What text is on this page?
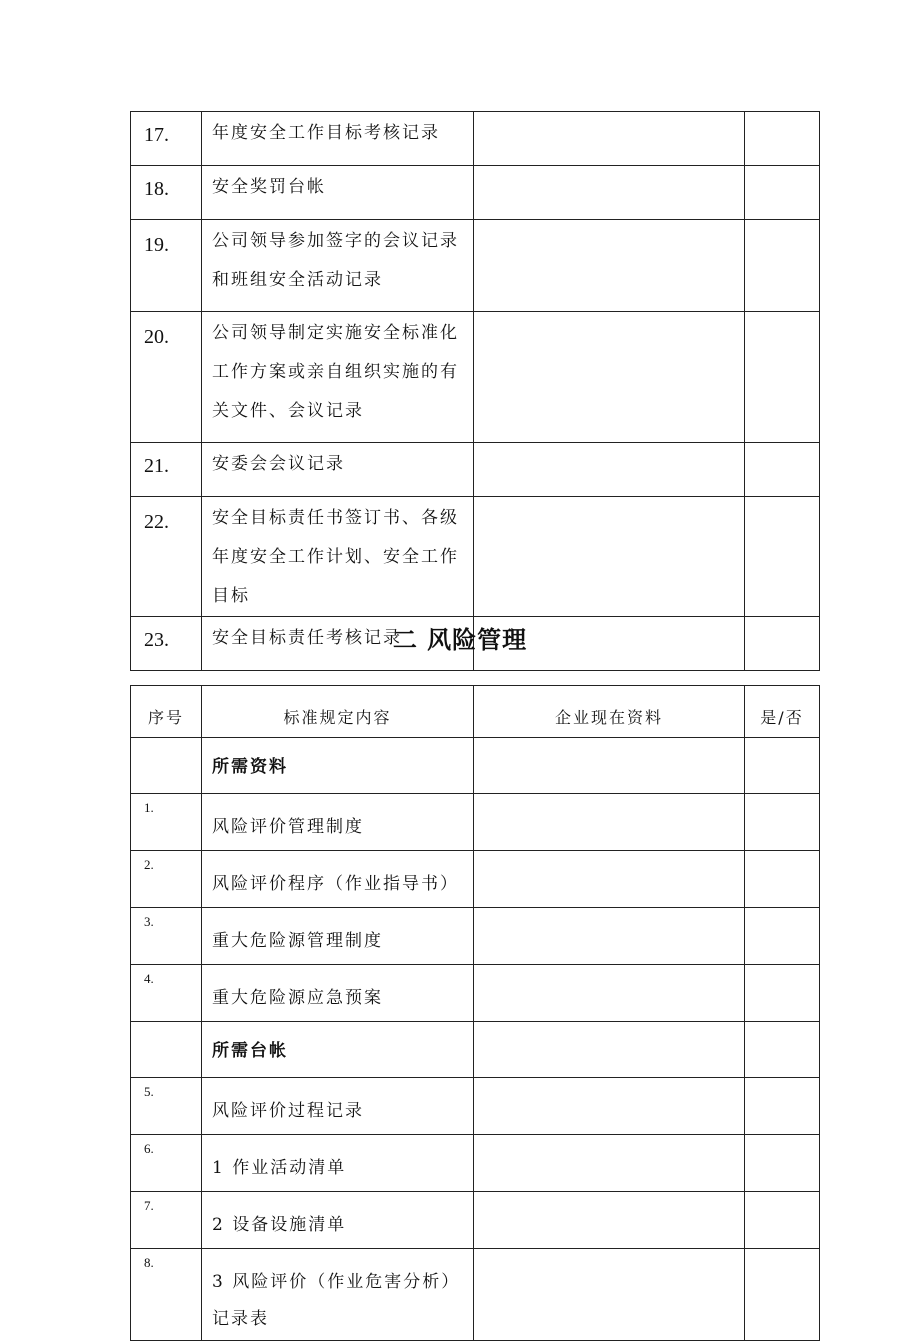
17.	年度安全工作目标考核记录		
18.	安全奖罚台帐		
19.	公司领导参加签字的会议记录和班组安全活动记录		
20.	公司领导制定实施安全标准化工作方案或亲自组织实施的有关文件、会议记录		
21.	安委会会议记录		
22.	安全目标责任书签订书、各级年度安全工作计划、安全工作目标		
23.	安全目标责任考核记录		
二 风险管理
序号	标准规定内容	企业现在资料	是/否
	所需资料		
1.	风险评价管理制度		
2.	风险评价程序（作业指导书）		
3.	重大危险源管理制度		
4.	重大危险源应急预案		
	所需台帐		
5.	风险评价过程记录		
6.	1 作业活动清单		
7.	2 设备设施清单		
8.	3 风险评价（作业危害分析）记录表		
